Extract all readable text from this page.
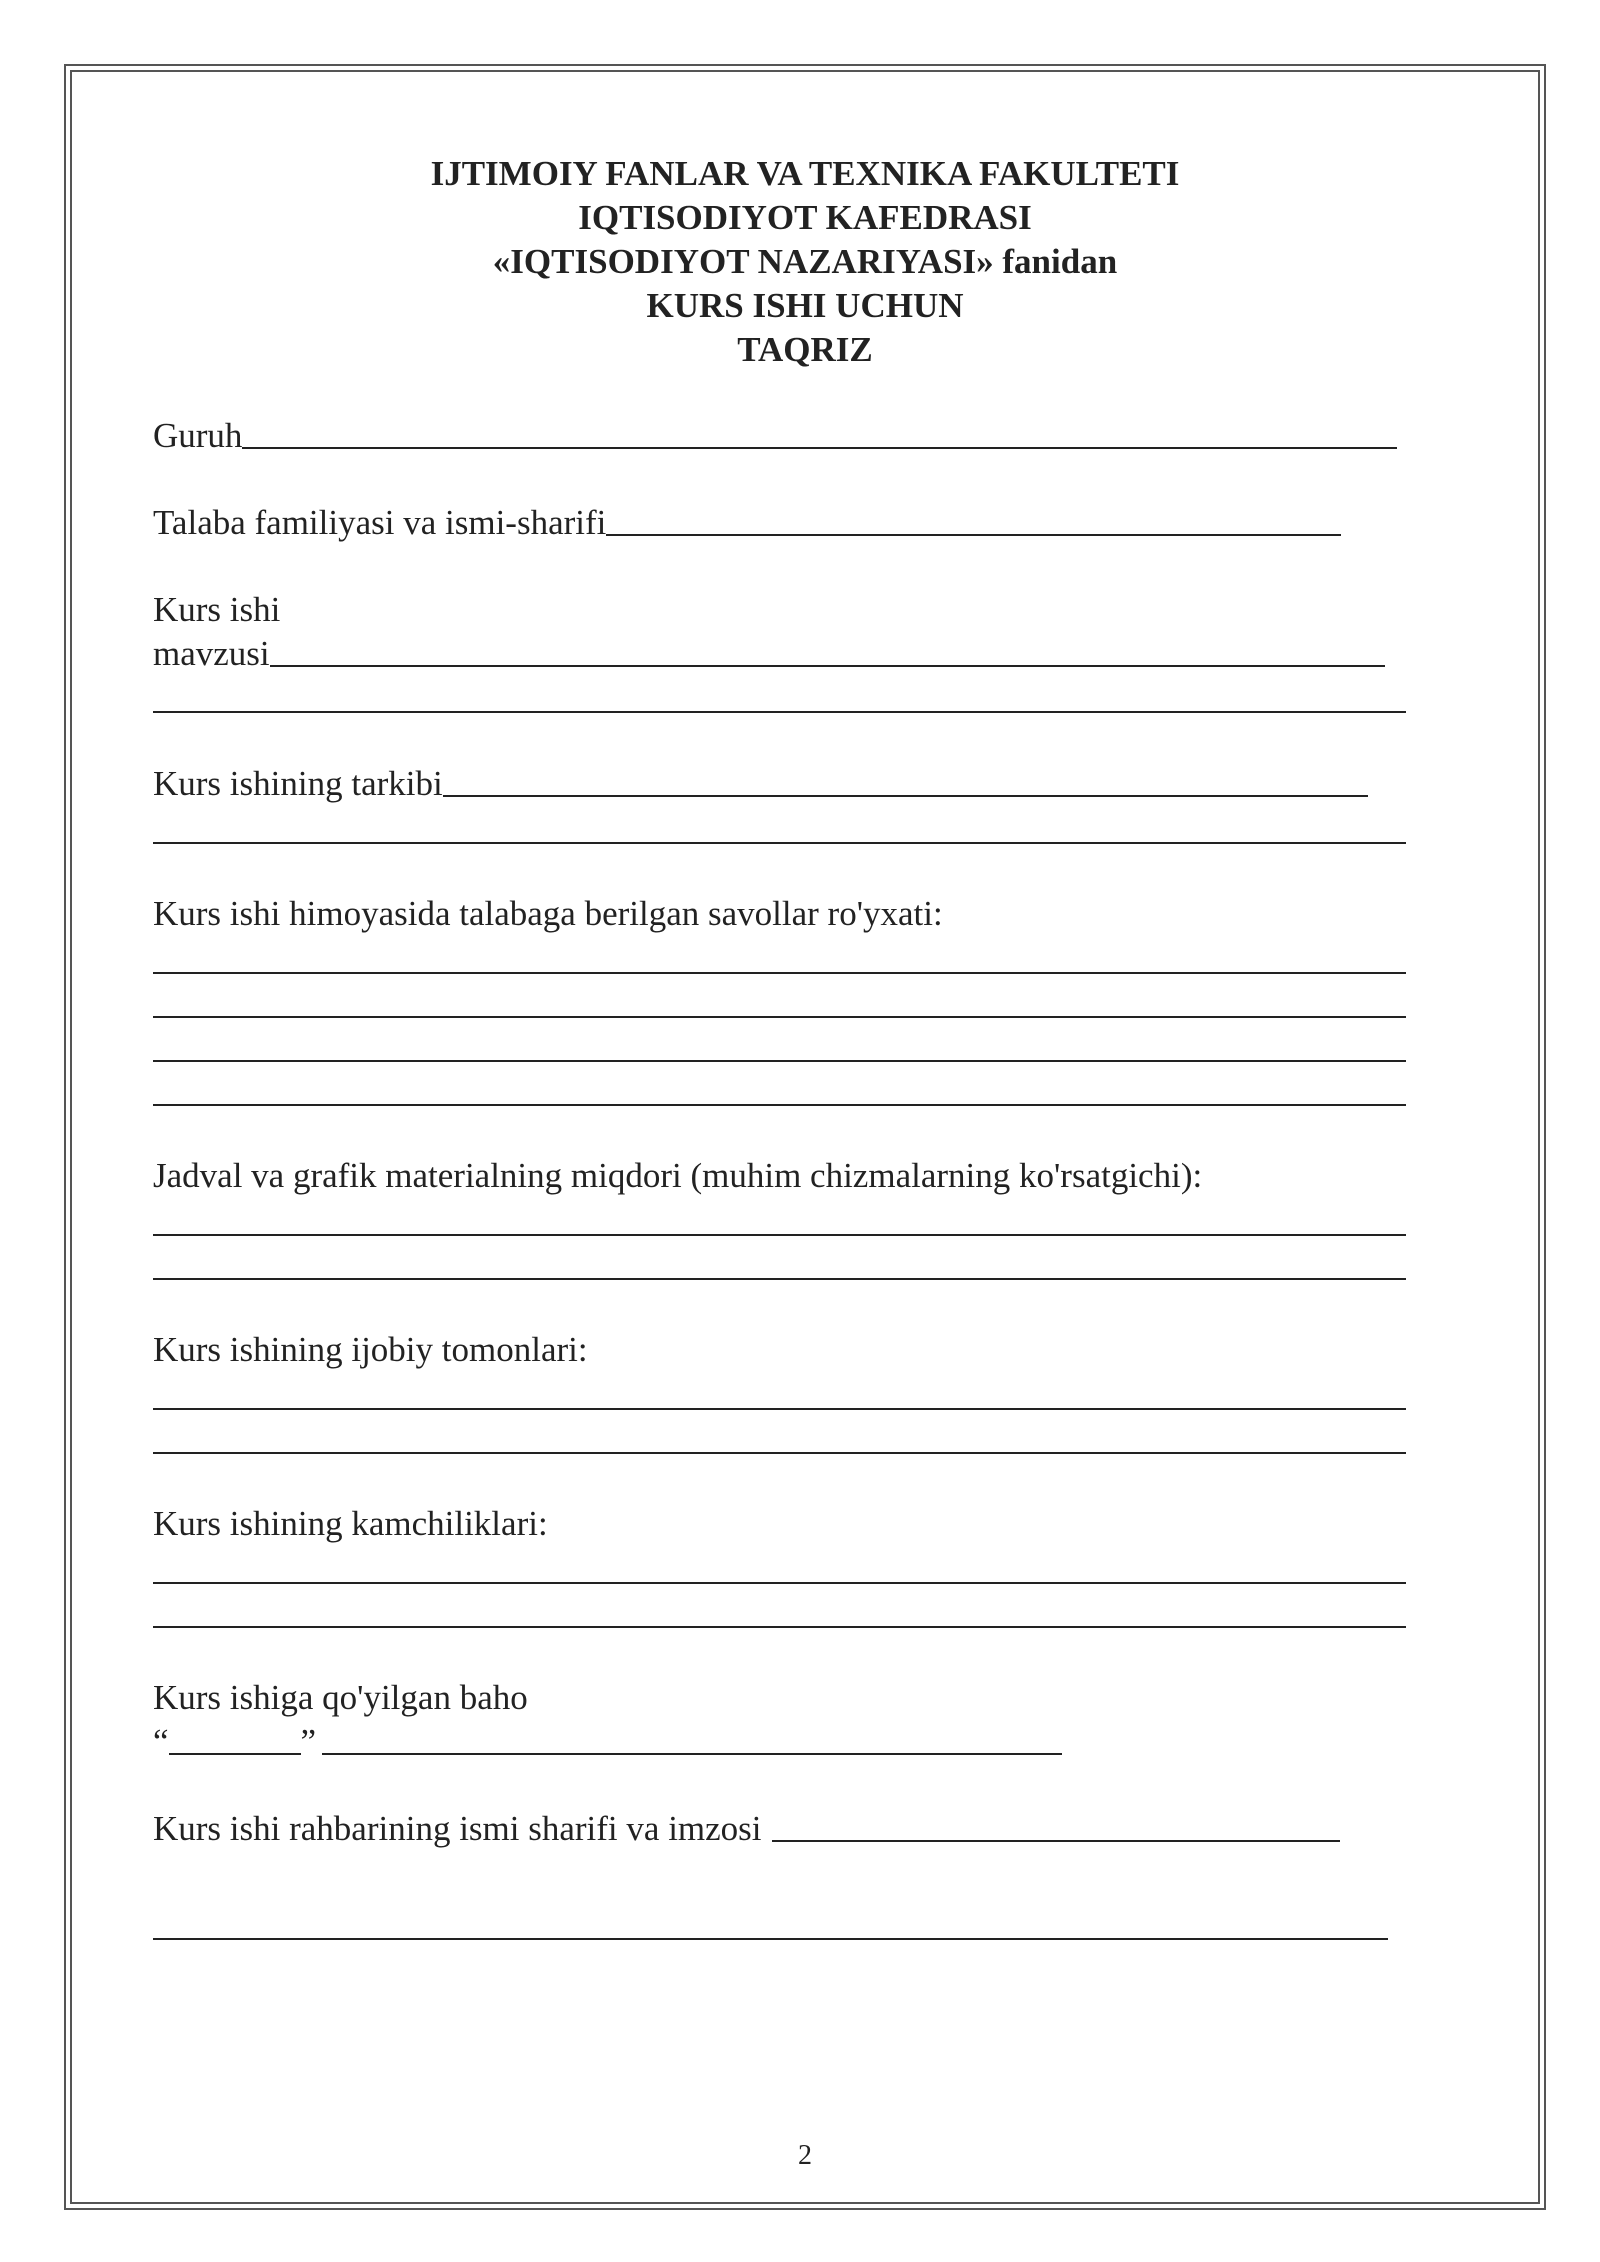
IJTIMOIY FANLAR VA TEXNIKA FAKULTETI
IQTISODIYOT KAFEDRASI
«IQTISODIYOT NAZARIYASI» fanidan
KURS ISHI UCHUN
TAQRIZ
Guruh
Talaba familiyasi va ismi-sharifi
Kurs ishi
mavzusi
Kurs ishining tarkibi
Kurs ishi himoyasida talabaga berilgan savollar ro'yxati:
Jadval va grafik materialning miqdori (muhim chizmalarning ko'rsatgichi):
Kurs ishining ijobiy tomonlari:
Kurs ishining kamchiliklari:
Kurs ishiga qo'yilgan baho
“	”
Kurs ishi rahbarining ismi sharifi va imzosi
2
